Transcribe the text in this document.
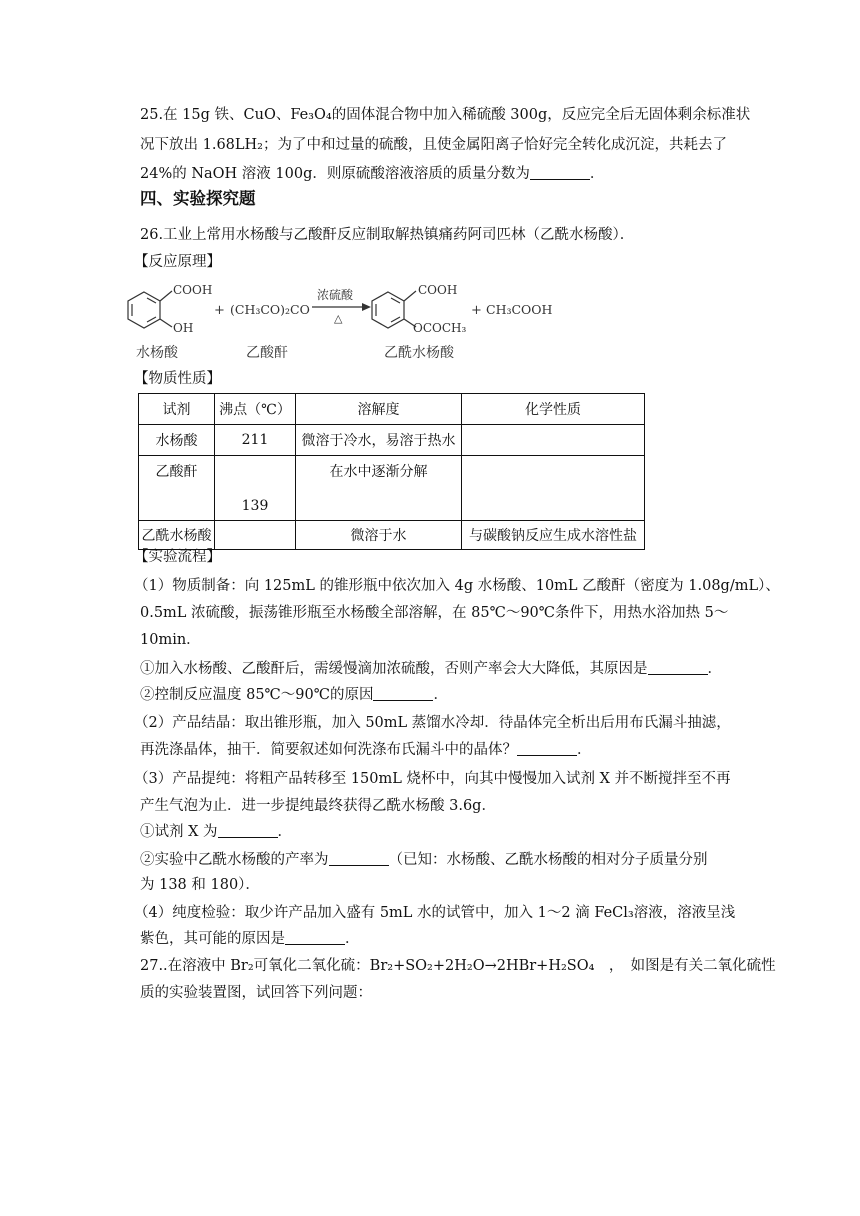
25.在 15g 铁、CuO、Fe₃O₄的固体混合物中加入稀硫酸 300g，反应完全后无固体剩余标准状
况下放出 1.68LH₂；为了中和过量的硫酸，且使金属阳离子恰好完全转化成沉淀，共耗去了
24%的 NaOH 溶液 100g．则原硫酸溶液溶质的质量分数为	．
四、实验探究题
26.工业上常用水杨酸与乙酸酐反应制取解热镇痛药阿司匹林（乙酰水杨酸）．
【反应原理】
COOH
OH
+ (CH₃CO)₂CO
浓硫酸
△
COOH
OCOCH₃
+ CH₃COOH
水杨酸	乙酸酐	乙酰水杨酸
【物质性质】
试剂	沸点（℃）	溶解度	化学性质
水杨酸	211	微溶于冷水，易溶于热水	
乙酸酐	139	在水中逐渐分解	
乙酰水杨酸		微溶于水	与碳酸钠反应生成水溶性盐
【实验流程】
（1）物质制备：向 125mL 的锥形瓶中依次加入 4g 水杨酸、10mL 乙酸酐（密度为 1.08g/mL）、
0.5mL 浓硫酸，振荡锥形瓶至水杨酸全部溶解，在 85℃～90℃条件下，用热水浴加热 5～
10min．
①加入水杨酸、乙酸酐后，需缓慢滴加浓硫酸，否则产率会大大降低，其原因是	．
②控制反应温度 85℃～90℃的原因	．
（2）产品结晶：取出锥形瓶，加入 50mL 蒸馏水冷却．待晶体完全析出后用布氏漏斗抽滤，
再洗涤晶体，抽干．简要叙述如何洗涤布氏漏斗中的晶体？	．
（3）产品提纯：将粗产品转移至 150mL 烧杯中，向其中慢慢加入试剂 X 并不断搅拌至不再
产生气泡为止．进一步提纯最终获得乙酰水杨酸 3.6g．
①试剂 X 为	．
②实验中乙酰水杨酸的产率为	（已知：水杨酸、乙酰水杨酸的相对分子质量分别
为 138 和 180）．
（4）纯度检验：取少许产品加入盛有 5mL 水的试管中，加入 1～2 滴 FeCl₃溶液，溶液呈浅
紫色，其可能的原因是	．
27..在溶液中 Br₂可氧化二氧化硫：Br₂+SO₂+2H₂O→2HBr+H₂SO₄　，　如图是有关二氧化硫性
质的实验装置图，试回答下列问题：
